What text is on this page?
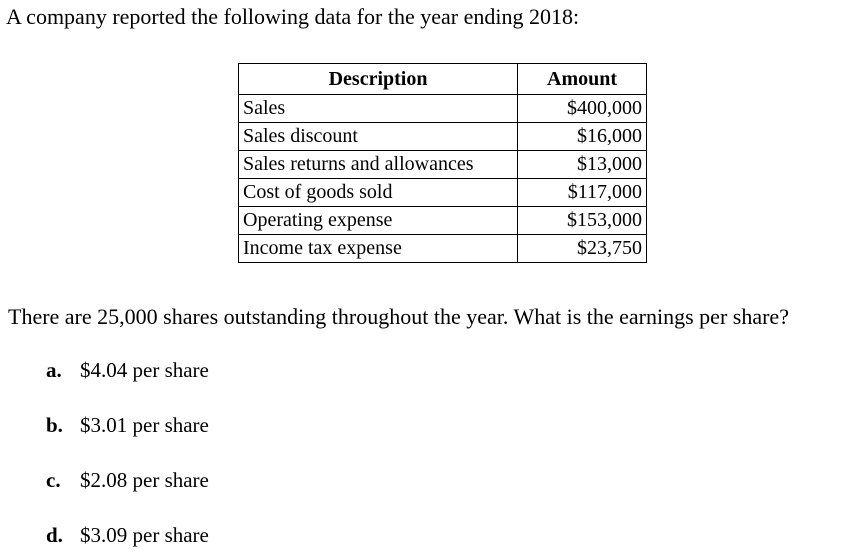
A company reported the following data for the year ending 2018:
Description	Amount
Sales	$400,000
Sales discount	$16,000
Sales returns and allowances	$13,000
Cost of goods sold	$117,000
Operating expense	$153,000
Income tax expense	$23,750
There are 25,000 shares outstanding throughout the year. What is the earnings per share?
a. $4.04 per share
b. $3.01 per share
c. $2.08 per share
d. $3.09 per share
